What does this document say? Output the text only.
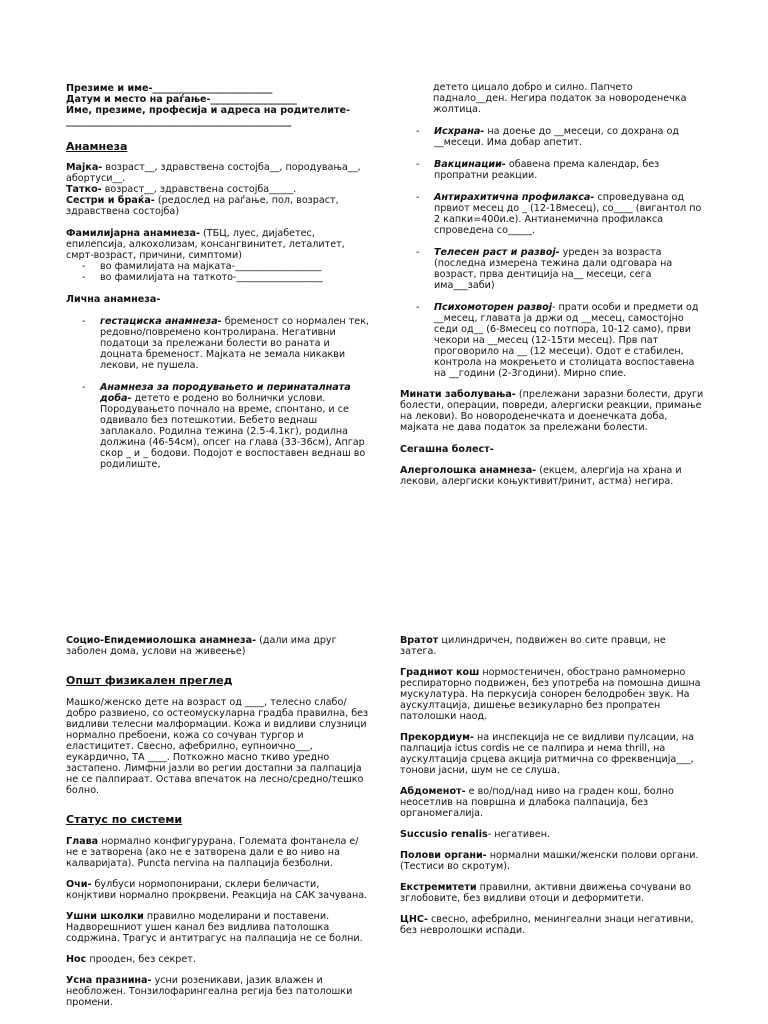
Презиме и име-_________________________

Датум и место на раѓање-__________________

Име, презиме, професија и адреса на родителите-

_______________________________________________

Анамнеза

Мајка- возраст__, здравствена состојба__, породувања__, абортуси__.

Татко- возраст__, здравствена состојба_____.

Сестри и браќа- (редослед на раѓање, пол, возраст, здравствена состојба)

Фамилијарна анамнеза- (ТБЦ, луес, дијабетес, епилепсија, алкохолизам, консангвинитет, леталитет, смрт-возраст, причини, симптоми)

- во фамилијата на мајката-__________________

- во фамилијата на таткото-__________________

Лична анамнеза-

- гестациска анамнеза- бременост со нормален тек, редовно/повремено контролирана. Негативни податоци за прележани болести во раната и доцната бременост. Мајката не земала никакви лекови, не пушела.

- Анамнеза за породувањето и перинаталната доба- детето е родено во болнички услови. Породувањето почнало на време, спонтано, и се одвивало без потешкотии. Бебето веднаш заплакало. Родилна тежина (2.5-4.1кг), родилна должина (46-54см), опсег на глава (33-36см), Апгар скор _ и _ бодови. Подојот е воспоставен веднаш во родилиште,

детето цицало добро и силно. Папчето паднало__ден. Негира податок за новороденечка жолтица.

- Исхрана- на доење до __месеци, со дохрана од __месеци. Има добар апетит.

- Вакцинации- обавена према календар, без пропратни реакции.

- Антирахитична профилакса- спроведувана од првиот месец до _ (12-18месец), со____ (вигантол по 2 капки=400и.е). Антианемична профилакса спроведена со_____.

- Телесен раст и развој- уреден за возраста (последна измерена тежина дали одговара на возраст, прва дентиција на__ месеци, сега има___заби)

- Психомоторен развој- прати особи и предмети од __месец, главата ја држи од __месец, самостојно седи од__ (6-8месец со потпора, 10-12 само), први чекори на __месец (12-15ти месец). Прв пат проговорило на __ (12 месеци). Одот е стабилен, контрола на мокрењето и столицата воспоставена на __години (2-3години). Мирно спие.

Минати заболувања- (прележани заразни болести, други болести, операции, повреди, алергиски реакции, примање на лекови). Во новороденечката и доенечката доба, мајката не дава податок за прележани болести.

Сегашна болест-

Алерголошка анамнеза- (екцем, алергија на храна и лекови, алергиски коњуктивит/ринит, астма) негира.

Социо-Епидемиолошка анамнеза- (дали има друг заболен дома, услови на живеење)

Општ физикален преглед

Машко/женско дете на возраст од ____, телесно слабо/добро развиено, со остеомускуларна градба правилна, без видливи телесни малформации. Кожа и видливи слузници нормално пребоени, кожа со сочуван тургор и еластицитет. Свесно, афебрилно, еупноично___, еукардично, ТА ____. Поткожно масно ткиво уредно застапено. Лимфни јазли во регии достапни за палпација не се палпираат. Остава впечаток на лесно/средно/тешко болно.

Статус по системи

Глава нормално конфигурурана. Големата фонтанела е/не е затворена (ако не е затворена дали е во ниво на калваријата). Puncta nervina на палпација безболни.

Очи- булбуси нормопонирани, склери беличасти, конјктиви нормално прокрвени. Реакција на САК зачувана.

Ушни школки правилно моделирани и поставени. Надворешниот ушен канал без видлива патолошка содржина. Трагус и антитрагус на палпација не се болни.

Нос прооден, без секрет.

Усна празнина- усни розеникави, јазик влажен и необложен. Тонзилофарингеална регија без патолошки промени.

Вратот цилиндричен, подвижен во сите правци, не затега.

Градниот кош нормостеничен, обострано рамномерно респираторно подвижен, без употреба на помошна дишна мускулатура. На перкусија сонорен белодробен звук. На аускултација, дишење везикуларно без пропратен патолошки наод.

Прекордиум- на инспекција не се видливи пулсации, на палпација ictus cordis не се палпира и нема thrill, на аускултација срцева акција ритмична со фреквенција___, тонови јасни, шум не се слуша.

Абдоменот- е во/под/над ниво на граден кош, болно неосетлив на површна и длабока палпација, без органомегалија.

Succusio renalis- негативен.

Полови органи- нормални машки/женски полови органи. (Тестиси во скротум).

Екстремитети правилни, активни движења сочувани во зглобовите, без видливи отоци и деформитети.

ЦНС- свесно, афебрилно, менингеални знаци негативни, без невролошки испади.
